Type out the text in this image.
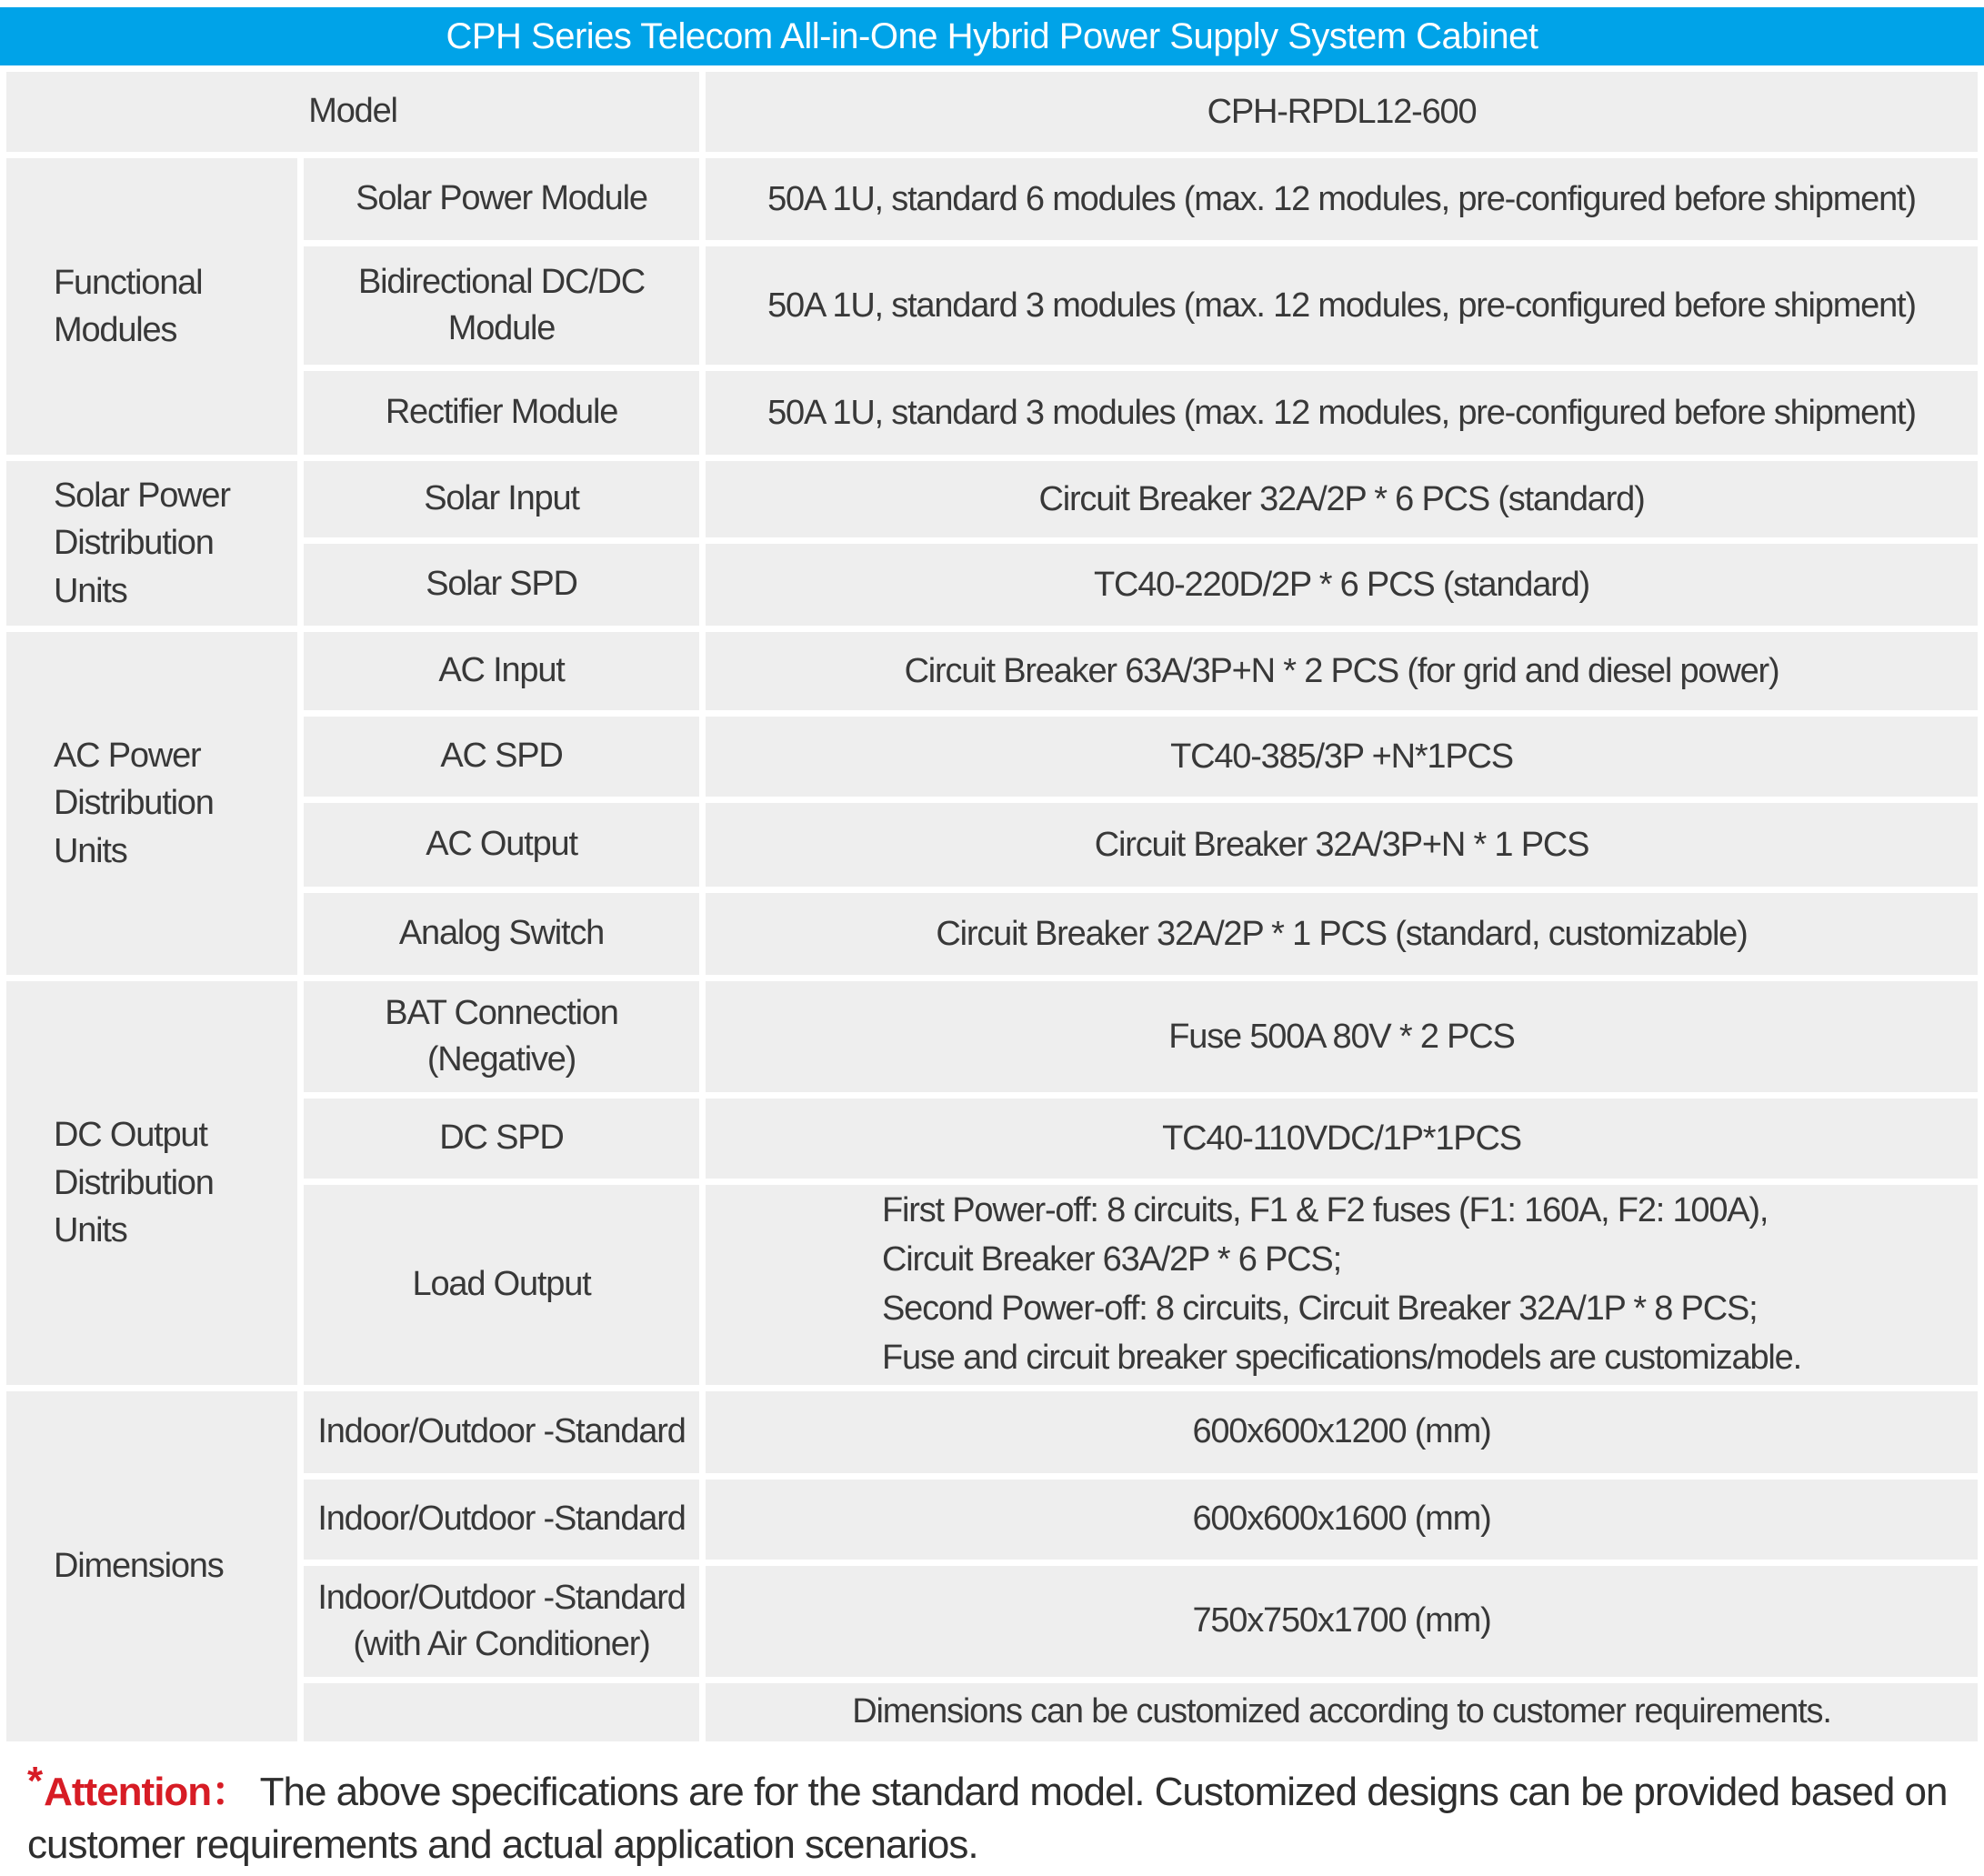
CPH Series Telecom All-in-One Hybrid Power Supply System Cabinet
Model		CPH-RPDL12-600
Functional Modules	Solar Power Module	50A 1U, standard 6 modules (max. 12 modules, pre-configured before shipment)
	Bidirectional DC/DC Module	50A 1U, standard 3 modules (max. 12 modules, pre-configured before shipment)
	Rectifier Module	50A 1U, standard 3 modules (max. 12 modules, pre-configured before shipment)
Solar Power Distribution Units	Solar Input	Circuit Breaker 32A/2P * 6 PCS (standard)
	Solar SPD	TC40-220D/2P * 6 PCS (standard)
AC Power Distribution Units	AC Input	Circuit Breaker 63A/3P+N * 2 PCS (for grid and diesel power)
	AC SPD	TC40-385/3P +N*1PCS
	AC Output	Circuit Breaker 32A/3P+N * 1 PCS
	Analog Switch	Circuit Breaker 32A/2P * 1 PCS (standard, customizable)
DC Output Distribution Units	BAT Connection (Negative)	Fuse 500A 80V * 2 PCS
	DC SPD	TC40-110VDC/1P*1PCS
	Load Output	First Power-off: 8 circuits, F1 & F2 fuses (F1: 160A, F2: 100A),
Circuit Breaker 63A/2P * 6 PCS;
Second Power-off: 8 circuits, Circuit Breaker 32A/1P * 8 PCS;
Fuse and circuit breaker specifications/models are customizable.

Dimensions	Indoor/Outdoor -Standard	600x600x1200 (mm)
	Indoor/Outdoor -Standard	600x600x1600 (mm)

	Indoor/Outdoor -Standard
(with Air Conditioner)	750x750x1700 (mm)
		Dimensions can be customized according to customer requirements.
*Attention： The above specifications are for the standard model. Customized designs can be provided based on customer requirements and actual application scenarios.
